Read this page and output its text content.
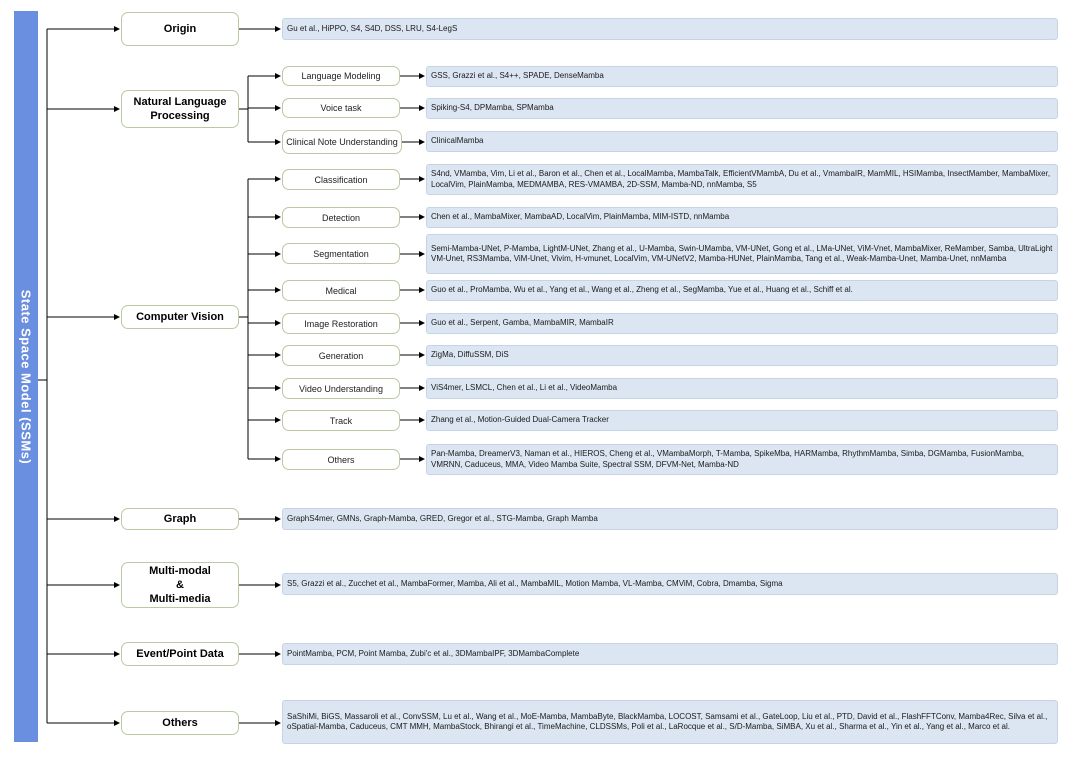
State Space Model (SSMs)
Origin
Natural Language Processing
Computer Vision
Graph
Multi-modal
&
Multi-media
Event/Point Data
Others
Language Modeling
Voice task
Clinical Note Understanding
Classification
Detection
Segmentation
Medical
Image Restoration
Generation
Video Understanding
Track
Others
Gu et al., HiPPO, S4, S4D, DSS, LRU, S4-LegS
GSS, Grazzi et al., S4++, SPADE, DenseMamba
Spiking-S4, DPMamba, SPMamba
ClinicalMamba
S4nd, VMamba, Vim, Li et al., Baron et al., Chen et al., LocalMamba, MambaTalk, EfficientVMambA, Du et al., VmambaIR, MamMIL, HSIMamba, InsectMamber, MambaMixer, LocalVim, PlainMamba, MEDMAMBA, RES-VMAMBA, 2D-SSM, Mamba-ND, nnMamba, S5
Chen et al., MambaMixer, MambaAD, LocalVim, PlainMamba, MIM-ISTD, nnMamba
Semi-Mamba-UNet, P-Mamba, LightM-UNet, Zhang et al., U-Mamba, Swin-UMamba, VM-UNet, Gong et al., LMa-UNet, ViM-Vnet, MambaMixer, ReMamber, Samba, UltraLight VM-Unet, RS3Mamba, ViM-Unet, Vivim, H-vmunet, LocalVim, VM-UNetV2, Mamba-HUNet, PlainMamba, Tang et al., Weak-Mamba-Unet, Mamba-Unet, nnMamba
Guo et al., ProMamba, Wu et al., Yang et al., Wang et al., Zheng et al., SegMamba, Yue et al., Huang et al., Schiff et al.
Guo et al., Serpent, Gamba, MambaMIR, MambaIR
ZigMa, DiffuSSM, DiS
ViS4mer, LSMCL, Chen et al., Li et al., VideoMamba
Zhang et al., Motion-Guided Dual-Camera Tracker
Pan-Mamba, DreamerV3, Naman et al., HIEROS, Cheng et al., VMambaMorph, T-Mamba, SpikeMba, HARMamba, RhythmMamba, Simba, DGMamba, FusionMamba, VMRNN, Caduceus, MMA, Video Mamba Suite, Spectral SSM, DFVM-Net, Mamba-ND
GraphS4mer, GMNs, Graph-Mamba, GRED, Gregor et al., STG-Mamba, Graph Mamba
S5, Grazzi et al., Zucchet et al., MambaFormer, Mamba, Ali et al., MambaMIL, Motion Mamba, VL-Mamba, CMViM, Cobra, Dmamba, Sigma
PointMamba, PCM, Point Mamba, Zubi'c et al., 3DMambaIPF, 3DMambaComplete
SaShiMi, BiGS, Massaroli et al., ConvSSM, Lu et al., Wang et al., MoE-Mamba, MambaByte, BlackMamba, LOCOST, Samsami et al., GateLoop, Liu et al., PTD, David et al., FlashFFTConv, Mamba4Rec, Silva et al., oSpatial-Mamba, Caduceus, CMT MMH, MambaStock, Bhirangi et al., TimeMachine, CLDSSMs, Poli et al., LaRocque et al., S/D-Mamba, SiMBA, Xu et al., Sharma et al., Yin et al., Yang et al., Marco et al.
